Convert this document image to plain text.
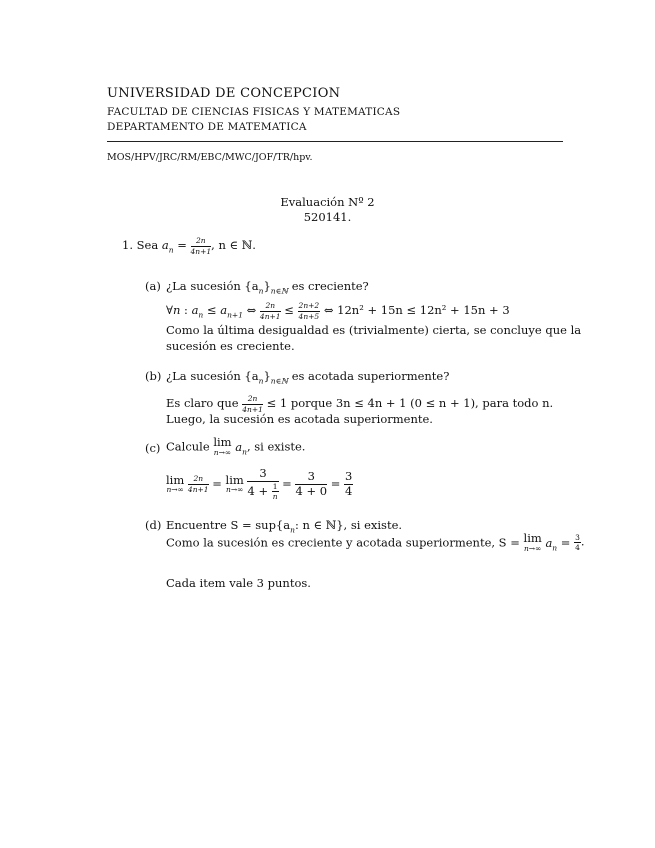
UNIVERSIDAD DE CONCEPCION
FACULTAD DE CIENCIAS FISICAS Y MATEMATICAS
DEPARTAMENTO DE MATEMATICA
MOS/HPV/JRC/RM/EBC/MWC/JOF/TR/hpv.
Evaluación Nº 2
520141.
1. Sea $a_n = \frac{2n}{4n+1}$ , n ∈ ℕ.
(a) ¿La sucesión $\{a_n\}_{n\in ℕ}$ es creciente?
∀n : $a_n \le a_{n+1}$ ⇔ $\frac{2n}{4n+1} \le \frac{2n+2}{4n+5}$ ⇔ 12n² + 15n ≤ 12n² + 15n + 3
Como la última desigualdad es (trivialmente) cierta, se concluye que la
sucesión es creciente.
(b) ¿La sucesión $\{a_n\}_{n\in ℕ}$ es acotada superiormente?
Es claro que $\frac{2n}{4n+1} \le 1$ porque 3n ≤ 4n + 1 (0 ≤ n + 1), para todo n.
Luego, la sucesión es acotada superiormente.
(c) Calcule lim
n→∞ $a_n$, si existe.
lim
n→∞
$\frac{2n}{4n+1} = \lim$
n→∞
$\frac{3}{4 + \frac{1}{n}} = \frac{3}{4 + 0} = \frac{3}{4}$
(d) Encuentre $S = sup\{a_n$: n ∈ ℕ}, si existe.
Como la sucesión es creciente y acotada superiormente, S = lim
n→∞ $a_n = \frac{3}{4}$ .
Cada item vale 3 puntos.
